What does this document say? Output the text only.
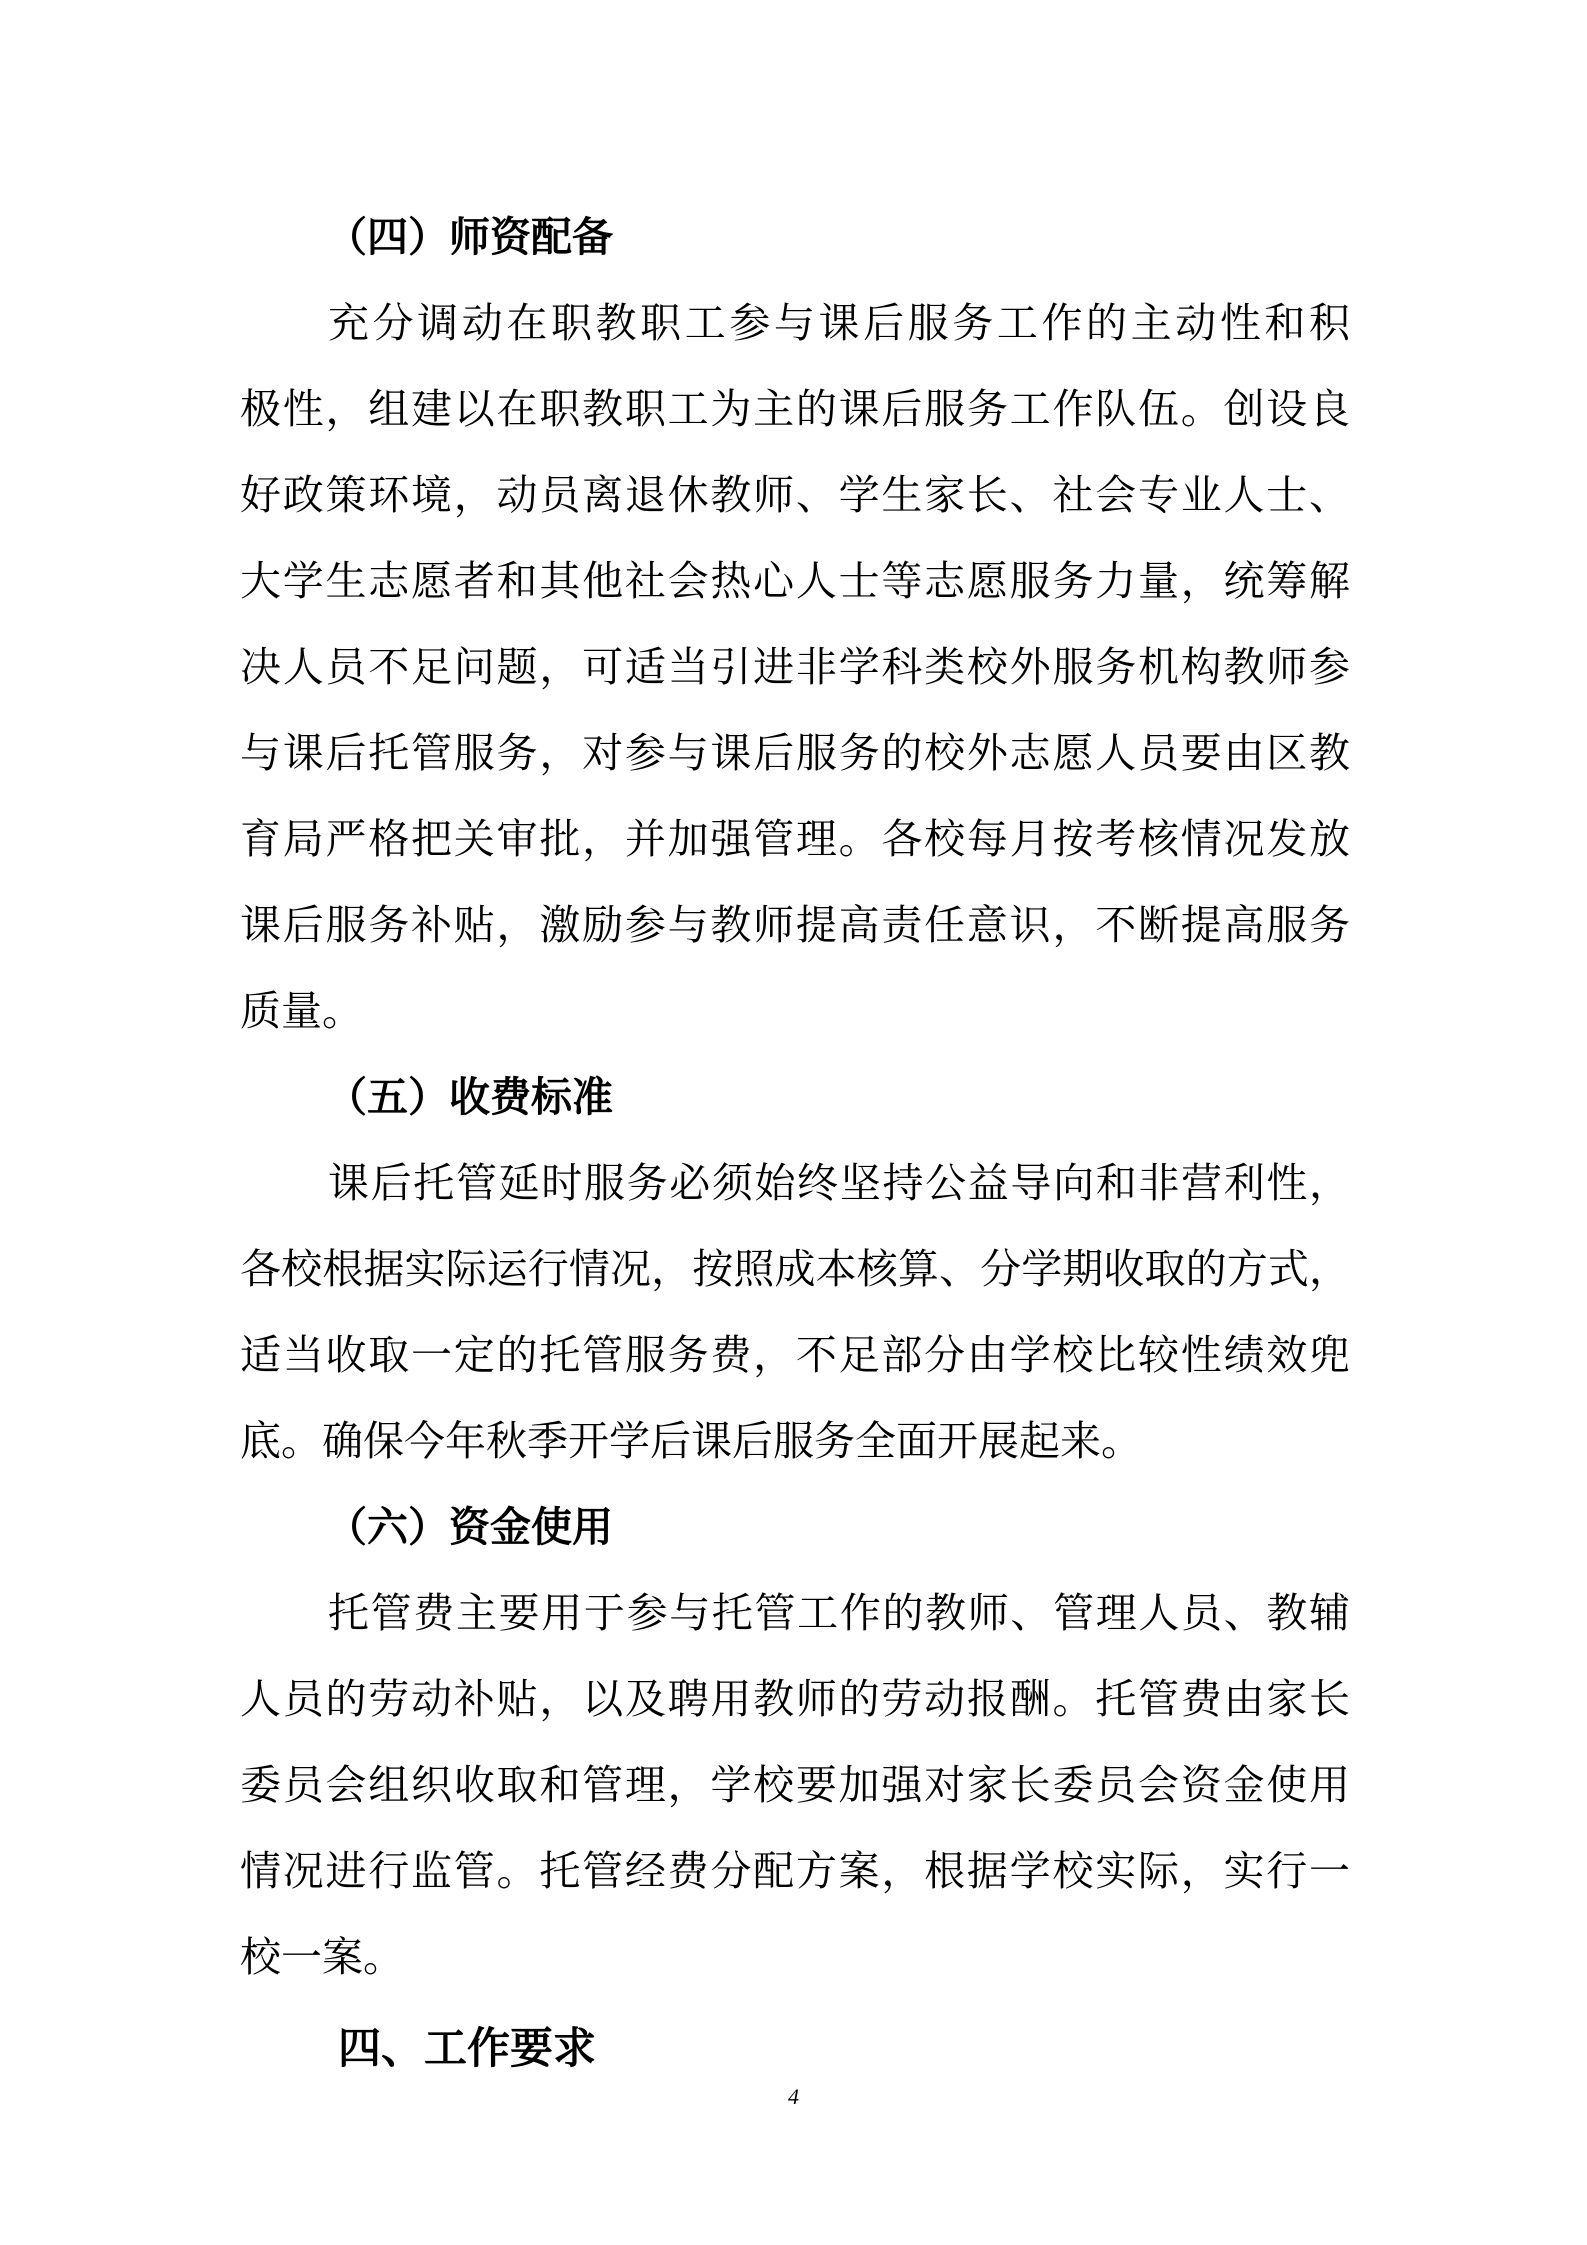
（四）师资配备
充分调动在职教职工参与课后服务工作的主动性和积
极性，组建以在职教职工为主的课后服务工作队伍。创设良
好政策环境，动员离退休教师、学生家长、社会专业人士、
大学生志愿者和其他社会热心人士等志愿服务力量，统筹解
决人员不足问题，可适当引进非学科类校外服务机构教师参
与课后托管服务，对参与课后服务的校外志愿人员要由区教
育局严格把关审批，并加强管理。各校每月按考核情况发放
课后服务补贴，激励参与教师提高责任意识，不断提高服务
质量。
（五）收费标准
课后托管延时服务必须始终坚持公益导向和非营利性，
各校根据实际运行情况，按照成本核算、分学期收取的方式，
适当收取一定的托管服务费，不足部分由学校比较性绩效兜
底。确保今年秋季开学后课后服务全面开展起来。
（六）资金使用
托管费主要用于参与托管工作的教师、管理人员、教辅
人员的劳动补贴，以及聘用教师的劳动报酬。托管费由家长
委员会组织收取和管理，学校要加强对家长委员会资金使用
情况进行监管。托管经费分配方案，根据学校实际，实行一
校一案。
四、工作要求
4
